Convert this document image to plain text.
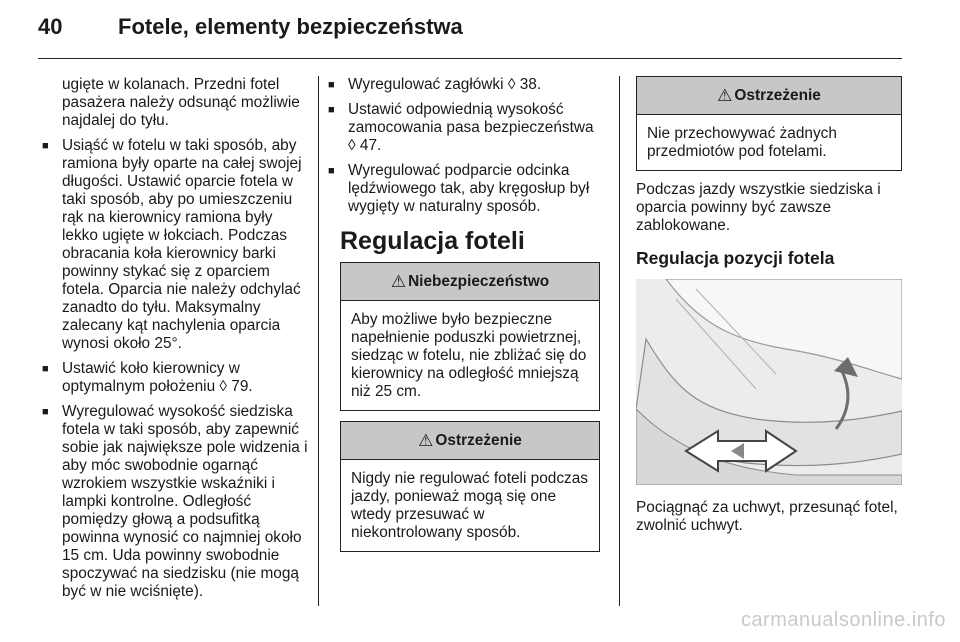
40	Fotele, elementy bezpieczeństwa
ugięte w kolanach. Przedni fotel pasażera należy odsunąć możliwie najdalej do tyłu.
■ Usiąść w fotelu w taki sposób, aby ramiona były oparte na całej swojej długości. Ustawić oparcie fotela w taki sposób, aby po umieszczeniu rąk na kierownicy ramiona były lekko ugięte w łokciach. Podczas obracania koła kierownicy barki powinny stykać się z oparciem fotela. Oparcia nie należy odchylać zanadto do tyłu. Maksymalny zalecany kąt nachylenia oparcia wynosi około 25°.
■ Ustawić koło kierownicy w optymalnym położeniu ◊ 79.
■ Wyregulować wysokość siedziska fotela w taki sposób, aby zapewnić sobie jak największe pole widzenia i aby móc swobodnie ogarnąć wzrokiem wszystkie wskaźniki i lampki kontrolne. Odległość pomiędzy głową a podsufitką powinna wynosić co najmniej około 15 cm. Uda powinny swobodnie spoczywać na siedzisku (nie mogą być w nie wciśnięte).
■ Wyregulować zagłówki ◊ 38.
■ Ustawić odpowiednią wysokość zamocowania pasa bezpieczeństwa ◊ 47.
■ Wyregulować podparcie odcinka lędźwiowego tak, aby kręgosłup był wygięty w naturalny sposób.
Regulacja foteli
⚠ Niebezpieczeństwo
Aby możliwe było bezpieczne napełnienie poduszki powietrznej, siedząc w fotelu, nie zbliżać się do kierownicy na odległość mniejszą niż 25 cm.
⚠ Ostrzeżenie
Nigdy nie regulować foteli podczas jazdy, ponieważ mogą się one wtedy przesuwać w niekontrolowany sposób.
⚠ Ostrzeżenie
Nie przechowywać żadnych przedmiotów pod fotelami.
Podczas jazdy wszystkie siedziska i oparcia powinny być zawsze zablokowane.
Regulacja pozycji fotela
Pociągnąć za uchwyt, przesunąć fotel, zwolnić uchwyt.
carmanualsonline.info
